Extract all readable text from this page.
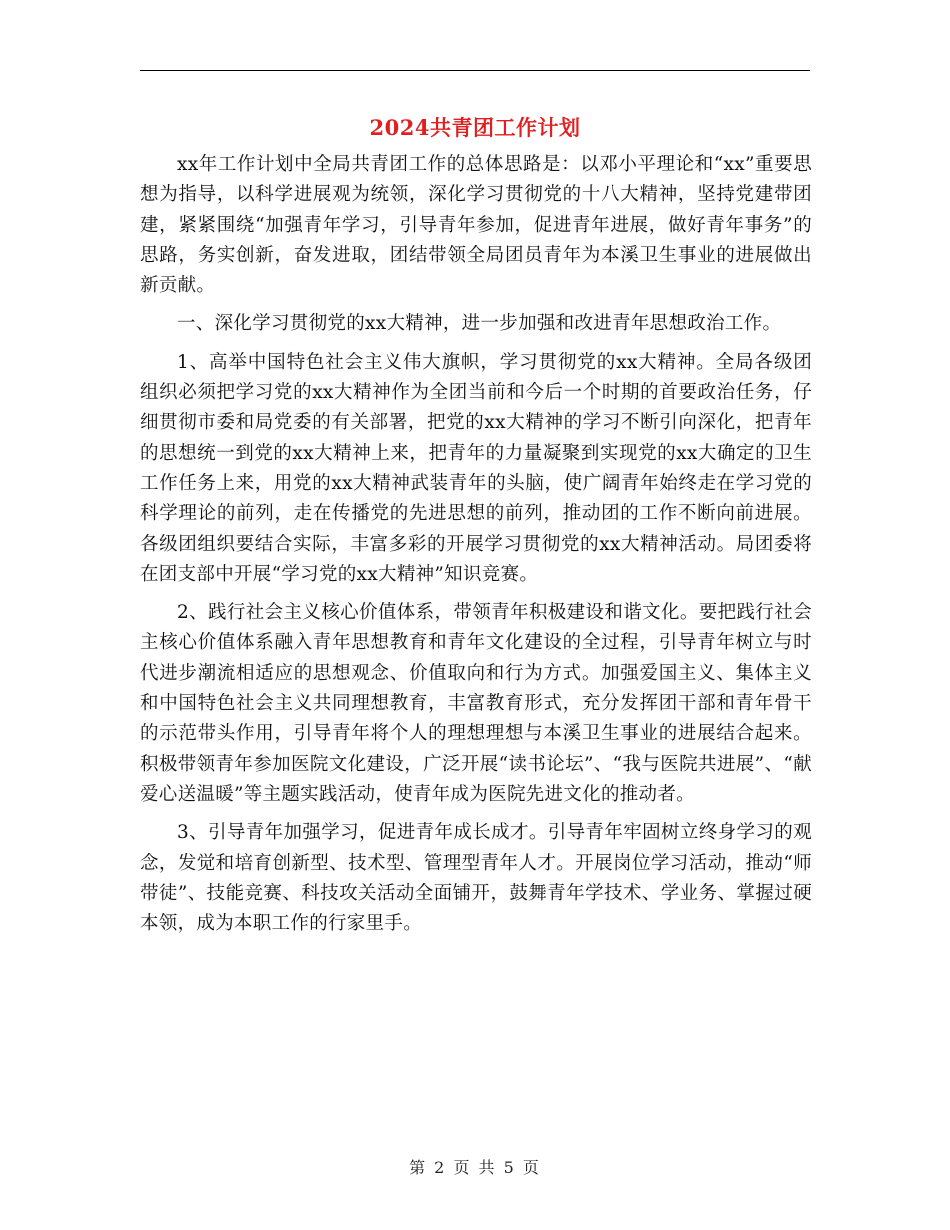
2024共青团工作计划

xx年工作计划中全局共青团工作的总体思路是：以邓小平理论和“xx”重要思想为指导，以科学进展观为统领，深化学习贯彻党的十八大精神，坚持党建带团建，紧紧围绕“加强青年学习，引导青年参加，促进青年进展，做好青年事务”的思路，务实创新，奋发进取，团结带领全局团员青年为本溪卫生事业的进展做出新贡献。

一、深化学习贯彻党的xx大精神，进一步加强和改进青年思想政治工作。

1、高举中国特色社会主义伟大旗帜，学习贯彻党的xx大精神。全局各级团组织必须把学习党的xx大精神作为全团当前和今后一个时期的首要政治任务，仔细贯彻市委和局党委的有关部署，把党的xx大精神的学习不断引向深化，把青年的思想统一到党的xx大精神上来，把青年的力量凝聚到实现党的xx大确定的卫生工作任务上来，用党的xx大精神武装青年的头脑，使广阔青年始终走在学习党的科学理论的前列，走在传播党的先进思想的前列，推动团的工作不断向前进展。各级团组织要结合实际，丰富多彩的开展学习贯彻党的xx大精神活动。局团委将在团支部中开展“学习党的xx大精神”知识竞赛。

2、践行社会主义核心价值体系，带领青年积极建设和谐文化。要把践行社会主核心价值体系融入青年思想教育和青年文化建设的全过程，引导青年树立与时代进步潮流相适应的思想观念、价值取向和行为方式。加强爱国主义、集体主义和中国特色社会主义共同理想教育，丰富教育形式，充分发挥团干部和青年骨干的示范带头作用，引导青年将个人的理想理想与本溪卫生事业的进展结合起来。积极带领青年参加医院文化建设，广泛开展“读书论坛”、“我与医院共进展”、“献爱心送温暖”等主题实践活动，使青年成为医院先进文化的推动者。

3、引导青年加强学习，促进青年成长成才。引导青年牢固树立终身学习的观念，发觉和培育创新型、技术型、管理型青年人才。开展岗位学习活动，推动“师带徒”、技能竞赛、科技攻关活动全面铺开，鼓舞青年学技术、学业务、掌握过硬本领，成为本职工作的行家里手。

第 2 页 共 5 页
